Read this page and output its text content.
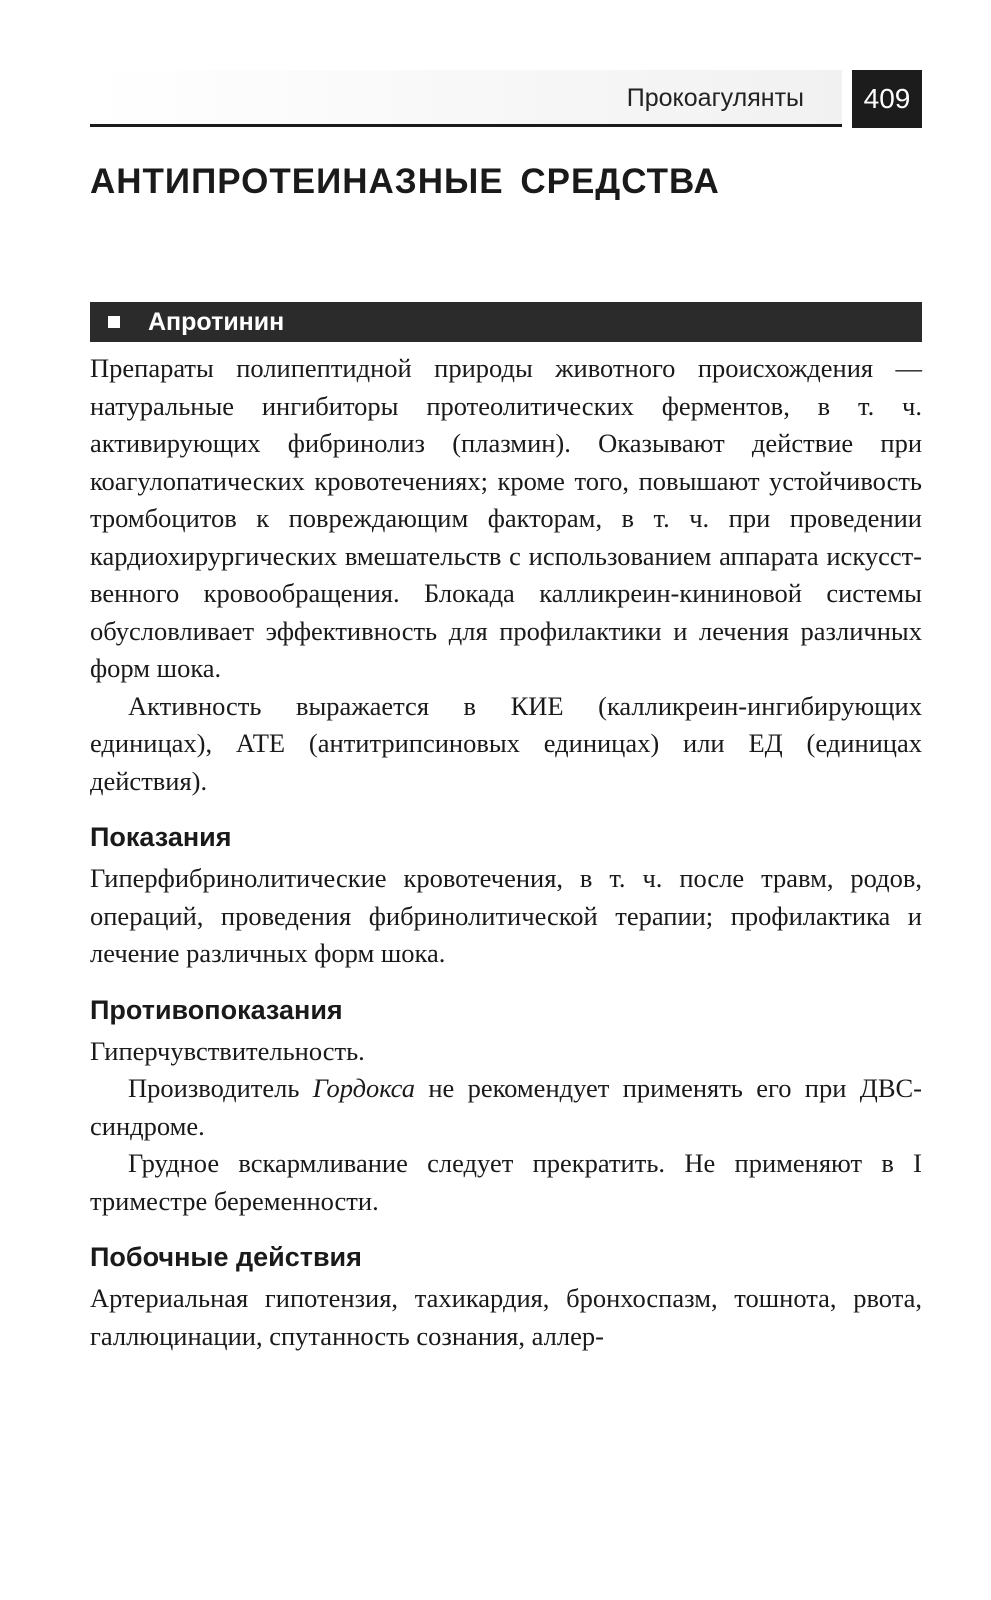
Прокоагулянты	409
АНТИПРОТЕИНАЗНЫЕ СРЕДСТВА
Апротинин

Препараты полипептидной природы животного происхождения — натуральные ингибиторы протеолитических ферментов, в т. ч. активирующих фибринолиз (плазмин). Оказывают действие при коагулопатических кровотечениях; кроме того, повышают устойчивость тромбоцитов к повреждающим факторам, в т. ч. при проведении кардиохирургических вмешательств с использованием аппарата искусственного кровообращения. Блокада калликреин-кининовой системы обусловливает эффективность для профилактики и лечения различных форм шока.

Активность выражается в КИЕ (калликреин-ингибирующих единицах), АТЕ (антитрипсиновых единицах) или ЕД (единицах действия).

Показания

Гиперфибринолитические кровотечения, в т. ч. после травм, родов, операций, проведения фибринолитической терапии; профилактика и лечение различных форм шока.

Противопоказания

Гиперчувствительность.

Производитель Гордокса не рекомендует применять его при ДВС-синдроме.

Грудное вскармливание следует прекратить. Не применяют в I триместре беременности.

Побочные действия

Артериальная гипотензия, тахикардия, бронхоспазм, тошнота, рвота, галлюцинации, спутанность сознания, аллер-
